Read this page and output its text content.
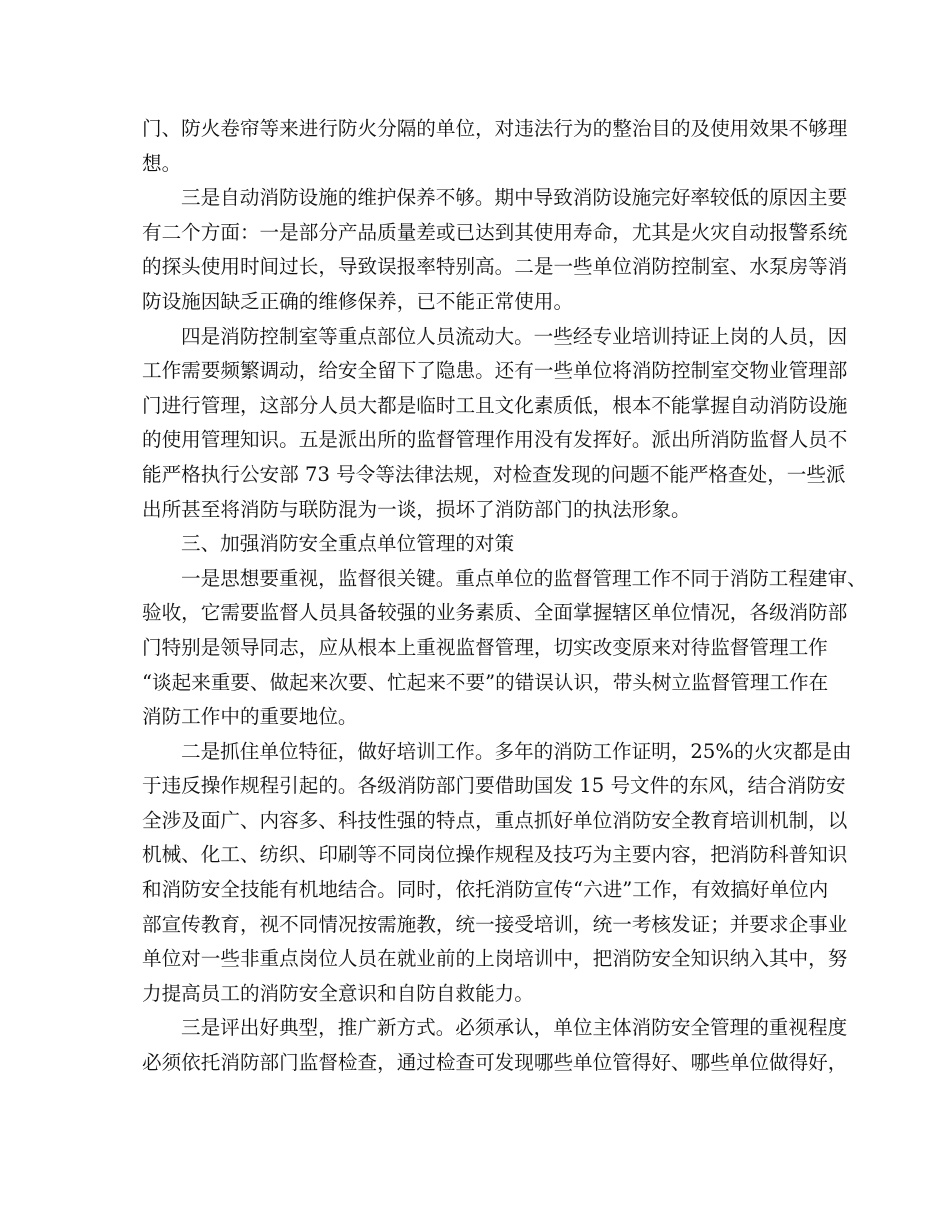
门、防火卷帘等来进行防火分隔的单位，对违法行为的整治目的及使用效果不够理
想。
三是自动消防设施的维护保养不够。期中导致消防设施完好率较低的原因主要
有二个方面：一是部分产品质量差或已达到其使用寿命，尤其是火灾自动报警系统
的探头使用时间过长，导致误报率特别高。二是一些单位消防控制室、水泵房等消
防设施因缺乏正确的维修保养，已不能正常使用。
四是消防控制室等重点部位人员流动大。一些经专业培训持证上岗的人员，因
工作需要频繁调动，给安全留下了隐患。还有一些单位将消防控制室交物业管理部
门进行管理，这部分人员大都是临时工且文化素质低，根本不能掌握自动消防设施
的使用管理知识。五是派出所的监督管理作用没有发挥好。派出所消防监督人员不
能严格执行公安部 73 号令等法律法规，对检查发现的问题不能严格查处，一些派
出所甚至将消防与联防混为一谈，损坏了消防部门的执法形象。
三、加强消防安全重点单位管理的对策
一是思想要重视，监督很关键。重点单位的监督管理工作不同于消防工程建审、
验收，它需要监督人员具备较强的业务素质、全面掌握辖区单位情况，各级消防部
门特别是领导同志，应从根本上重视监督管理，切实改变原来对待监督管理工作
“谈起来重要、做起来次要、忙起来不要”的错误认识，带头树立监督管理工作在
消防工作中的重要地位。
二是抓住单位特征，做好培训工作。多年的消防工作证明，25%的火灾都是由
于违反操作规程引起的。各级消防部门要借助国发 15 号文件的东风，结合消防安
全涉及面广、内容多、科技性强的特点，重点抓好单位消防安全教育培训机制，以
机械、化工、纺织、印刷等不同岗位操作规程及技巧为主要内容，把消防科普知识
和消防安全技能有机地结合。同时，依托消防宣传“六进”工作，有效搞好单位内
部宣传教育，视不同情况按需施教，统一接受培训，统一考核发证；并要求企事业
单位对一些非重点岗位人员在就业前的上岗培训中，把消防安全知识纳入其中，努
力提高员工的消防安全意识和自防自救能力。
三是评出好典型，推广新方式。必须承认，单位主体消防安全管理的重视程度
必须依托消防部门监督检查，通过检查可发现哪些单位管得好、哪些单位做得好，
